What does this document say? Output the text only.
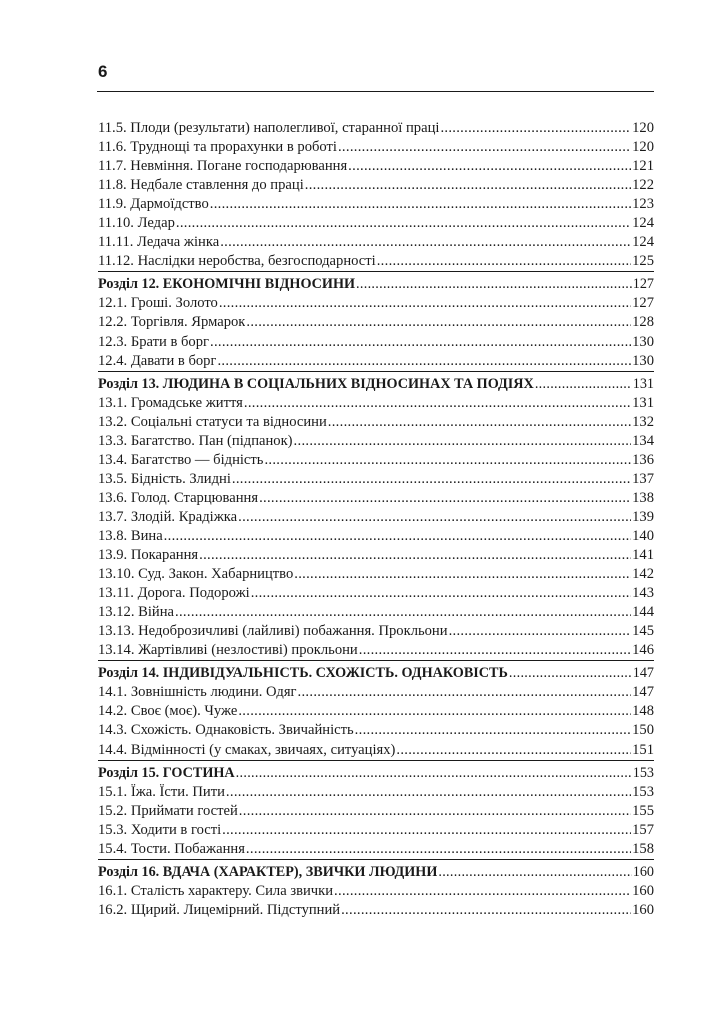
6
11.5. Плоди (результати) наполегливої, старанної праці .....	120
11.6. Труднощі та прорахунки в роботі .....	120
11.7. Невміння. Погане господарювання .....	121
11.8. Недбале ставлення до праці .....	122
11.9. Дармоїдство .....	123
11.10. Ледар .....	124
11.11. Ледача жінка .....	124
11.12. Наслідки неробства, безгосподарності .....	125
Розділ 12. ЕКОНОМІЧНІ ВІДНОСИНИ .....	127
12.1. Гроші. Золото .....	127
12.2. Торгівля. Ярмарок .....	128
12.3. Брати в борг .....	130
12.4. Давати в борг .....	130
Розділ 13. ЛЮДИНА В СОЦІАЛЬНИХ ВІДНОСИНАХ ТА ПОДІЯХ .....	131
13.1. Громадське життя .....	131
13.2. Соціальні статуси та відносини .....	132
13.3. Багатство. Пан (підпанок) .....	134
13.4. Багатство — бідність .....	136
13.5. Бідність. Злидні .....	137
13.6. Голод. Старцювання .....	138
13.7. Злодій. Крадіжка .....	139
13.8. Вина .....	140
13.9. Покарання .....	141
13.10. Суд. Закон. Хабарництво .....	142
13.11. Дорога. Подорожі .....	143
13.12. Війна .....	144
13.13. Недоброзичливі (лайливі) побажання. Прокльони .....	145
13.14. Жартівливі (незлостиві) прокльони .....	146
Розділ 14. ІНДИВІДУАЛЬНІСТЬ. СХОЖІСТЬ. ОДНАКОВІСТЬ .....	147
14.1. Зовнішність людини. Одяг .....	147
14.2. Своє (моє). Чуже .....	148
14.3. Схожість. Однаковість. Звичайність .....	150
14.4. Відмінності (у смаках, звичаях, ситуаціях) .....	151
Розділ 15. ГОСТИНА .....	153
15.1. Їжа. Їсти. Пити .....	153
15.2. Приймати гостей .....	155
15.3. Ходити в гості .....	157
15.4. Тости. Побажання .....	158
Розділ 16. ВДАЧА (ХАРАКТЕР), ЗВИЧКИ ЛЮДИНИ .....	160
16.1. Сталість характеру. Сила звички .....	160
16.2. Щирий. Лицемірний. Підступний .....	160
